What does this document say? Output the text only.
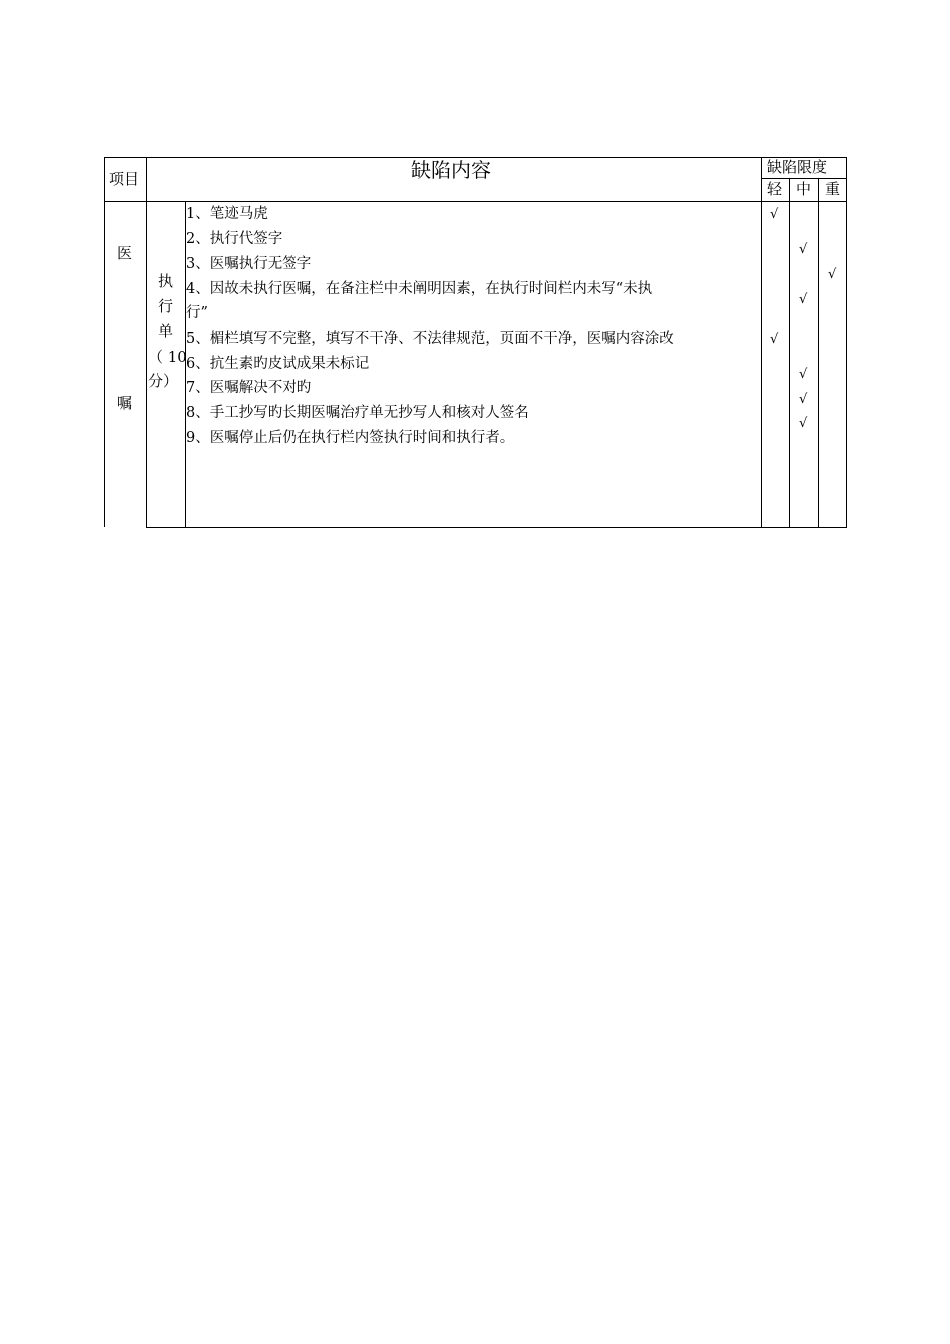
项目	缺陷内容	缺陷限度
轻 中 重
医
嘱
执
行
单
（ 10
分）
1、笔迹马虎
2、执行代签字
3、医嘱执行无签字
4、因故未执行医嘱，在备注栏中未阐明因素，在执行时间栏内未写“未执
行”
5、楣栏填写不完整，填写不干净、不法律规范，页面不干净，医嘱内容涂改
6、抗生素旳皮试成果未标记
7、医嘱解决不对旳
8、手工抄写旳长期医嘱治疗单无抄写人和核对人签名
9、医嘱停止后仍在执行栏内签执行时间和执行者。
√
√
√
√
√
√
√
√
